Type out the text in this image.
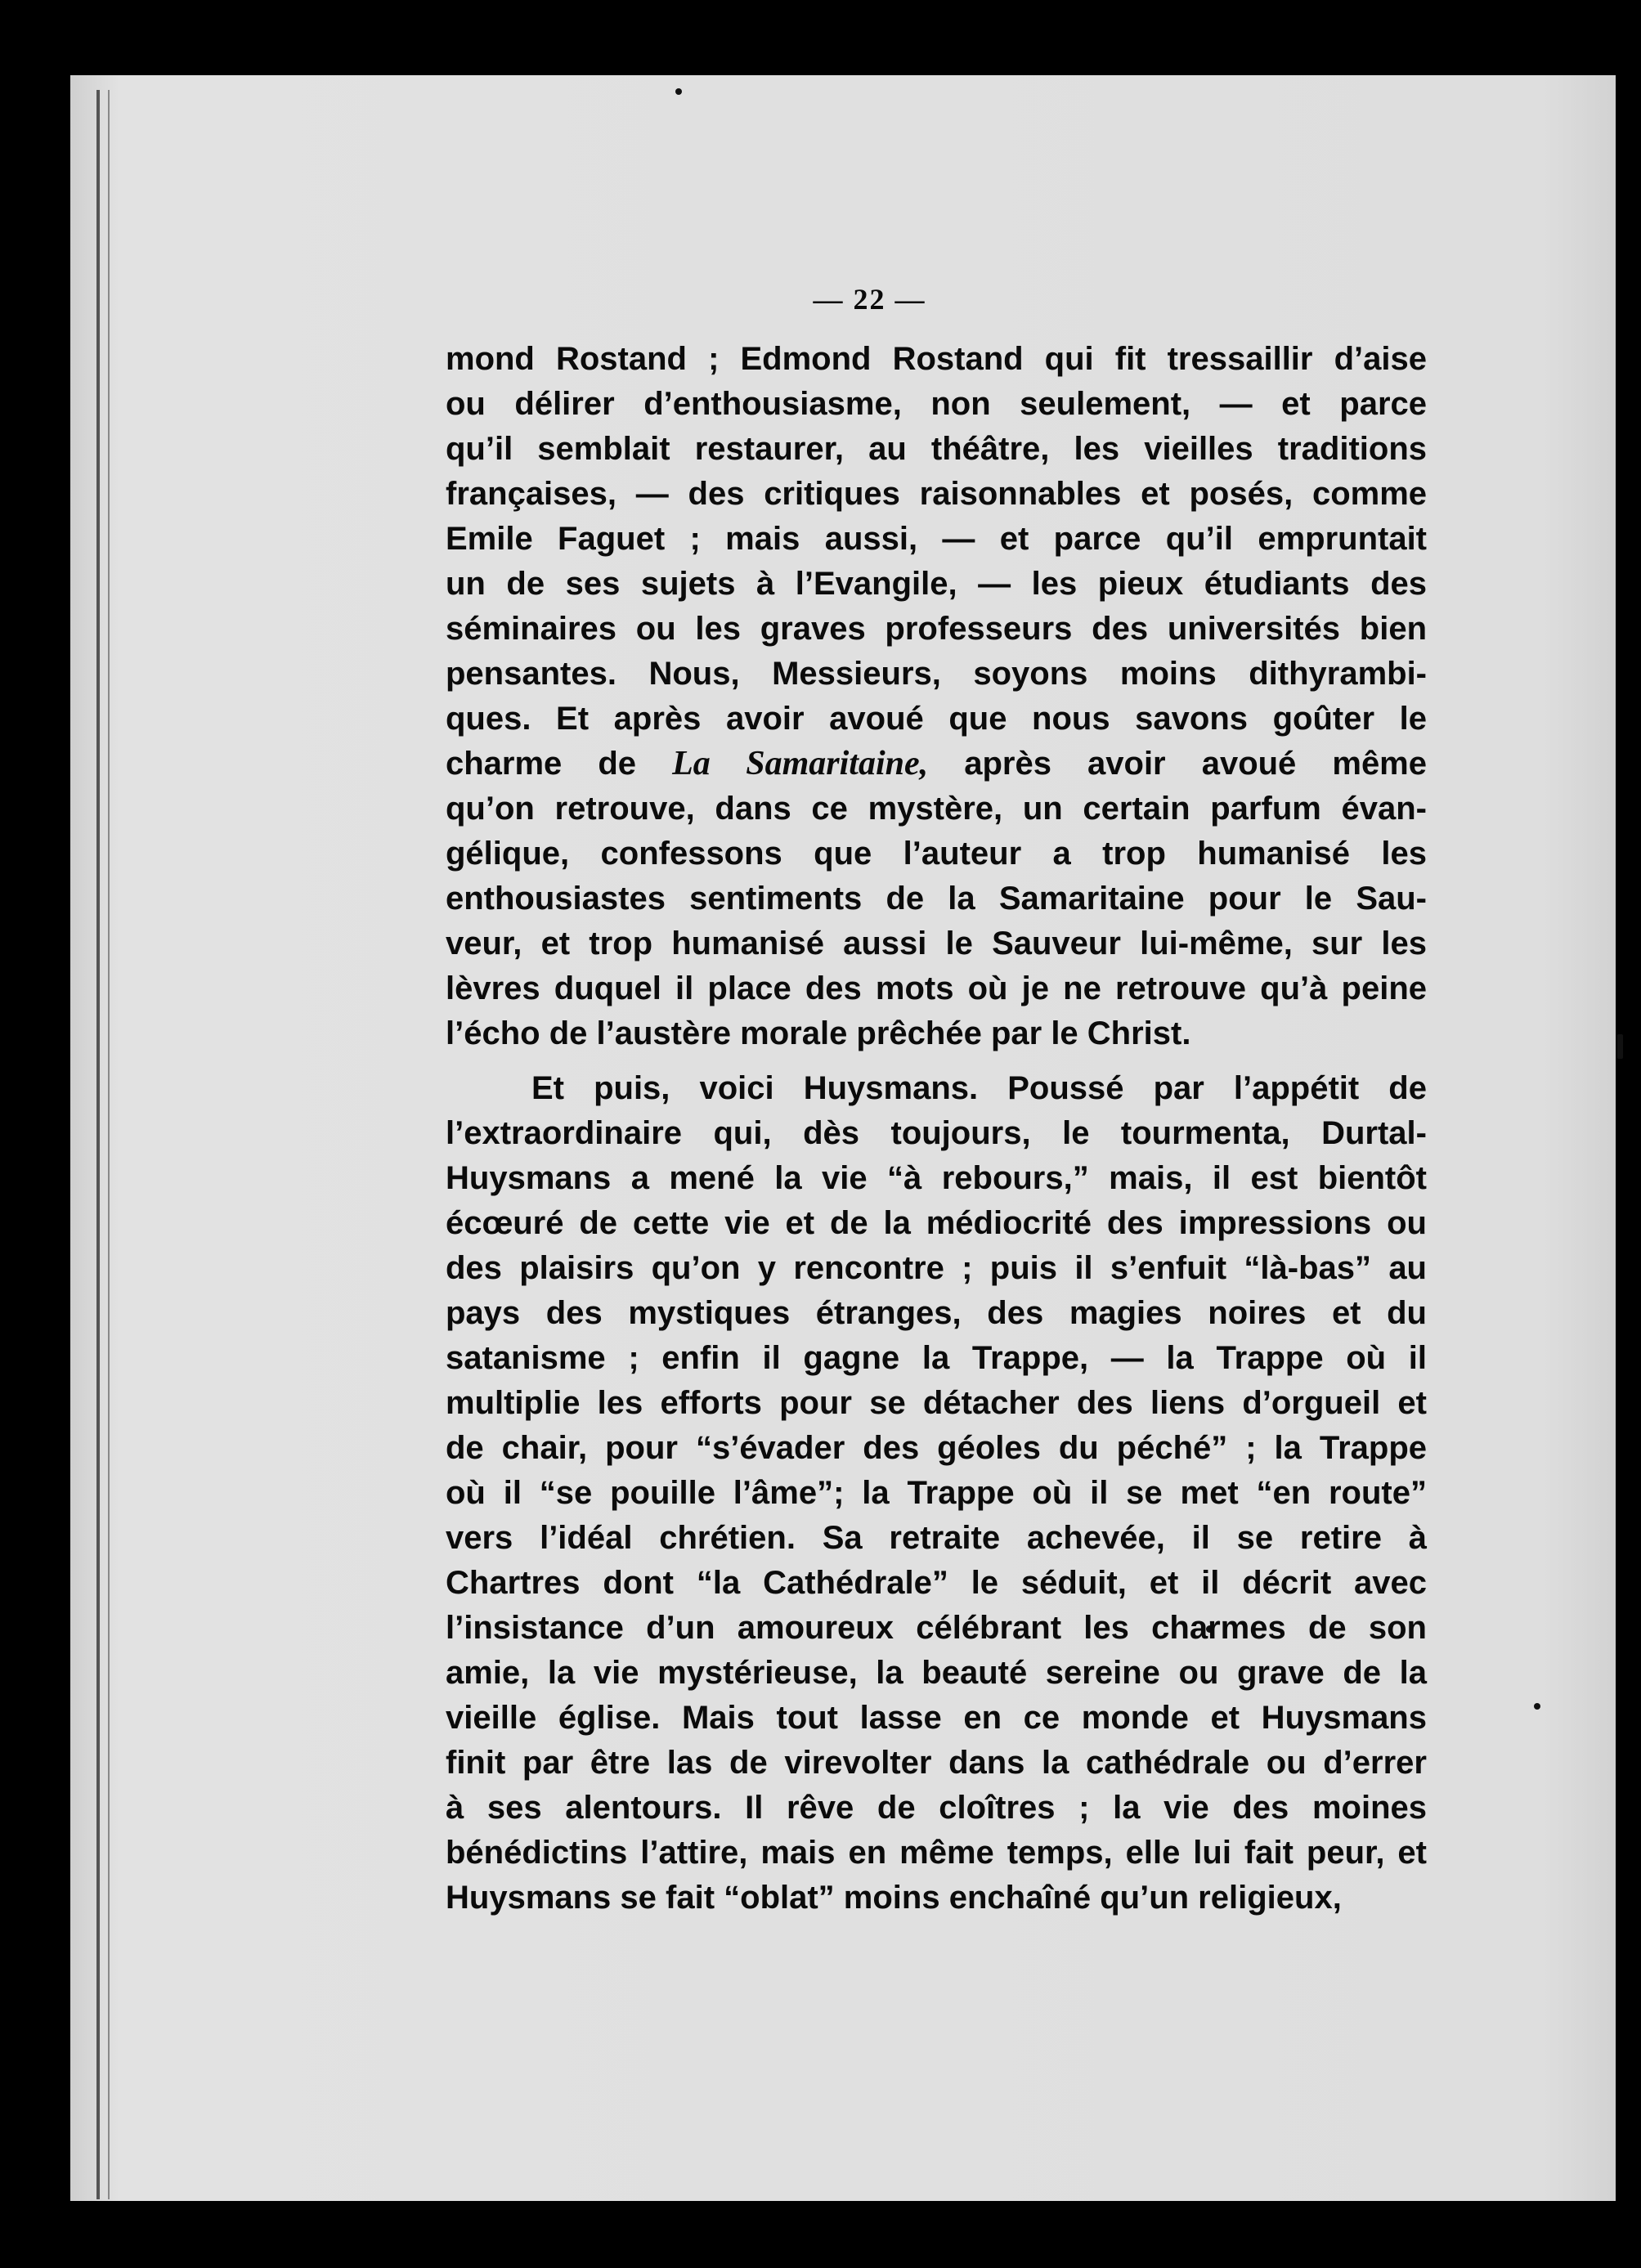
— 22 —
mond Rostand ; Edmond Rostand qui fit tressaillir d’aise
ou délirer d’enthousiasme, non seulement, — et parce
qu’il semblait restaurer, au théâtre, les vieilles traditions
françaises, — des critiques raisonnables et posés, comme
Emile Faguet ; mais aussi, — et parce qu’il empruntait
un de ses sujets à l’Evangile, — les pieux étudiants des
séminaires ou les graves professeurs des universités bien
pensantes. Nous, Messieurs, soyons moins dithyrambi-
ques. Et après avoir avoué que nous savons goûter le
charme de La Samaritaine, après avoir avoué même
qu’on retrouve, dans ce mystère, un certain parfum évan-
gélique, confessons que l’auteur a trop humanisé les
enthousiastes sentiments de la Samaritaine pour le Sau-
veur, et trop humanisé aussi le Sauveur lui-même, sur les
lèvres duquel il place des mots où je ne retrouve qu’à peine
l’écho de l’austère morale prêchée par le Christ.
Et puis, voici Huysmans. Poussé par l’appétit de
l’extraordinaire qui, dès toujours, le tourmenta, Durtal-
Huysmans a mené la vie “à rebours,” mais, il est bientôt
écœuré de cette vie et de la médiocrité des impressions ou
des plaisirs qu’on y rencontre ; puis il s’enfuit “là-bas” au
pays des mystiques étranges, des magies noires et du
satanisme ; enfin il gagne la Trappe, — la Trappe où il
multiplie les efforts pour se détacher des liens d’orgueil et
de chair, pour “s’évader des géoles du péché” ; la Trappe
où il “se pouille l’âme”; la Trappe où il se met “en route”
vers l’idéal chrétien. Sa retraite achevée, il se retire à
Chartres dont “la Cathédrale” le séduit, et il décrit avec
l’insistance d’un amoureux célébrant les charmes de son
amie, la vie mystérieuse, la beauté sereine ou grave de la
vieille église. Mais tout lasse en ce monde et Huysmans
finit par être las de virevolter dans la cathédrale ou d’errer
à ses alentours. Il rêve de cloîtres ; la vie des moines
bénédictins l’attire, mais en même temps, elle lui fait peur, et
Huysmans se fait “oblat” moins enchaîné qu’un religieux,
